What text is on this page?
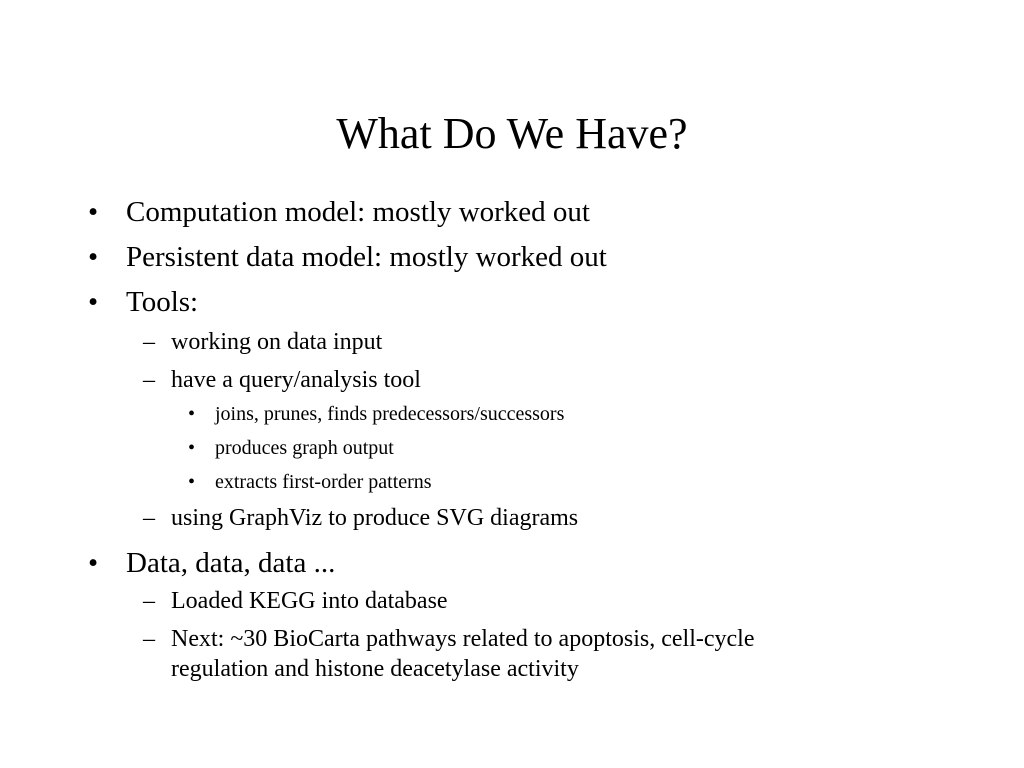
What Do We Have?
• Computation model: mostly worked out
• Persistent data model: mostly worked out
• Tools:
– working on data input
– have a query/analysis tool
• joins, prunes, finds predecessors/successors
• produces graph output
• extracts first-order patterns
– using GraphViz to produce SVG diagrams
• Data, data, data ...
– Loaded KEGG into database
– Next: ~30 BioCarta pathways related to apoptosis, cell-cycle
regulation and histone deacetylase activity
